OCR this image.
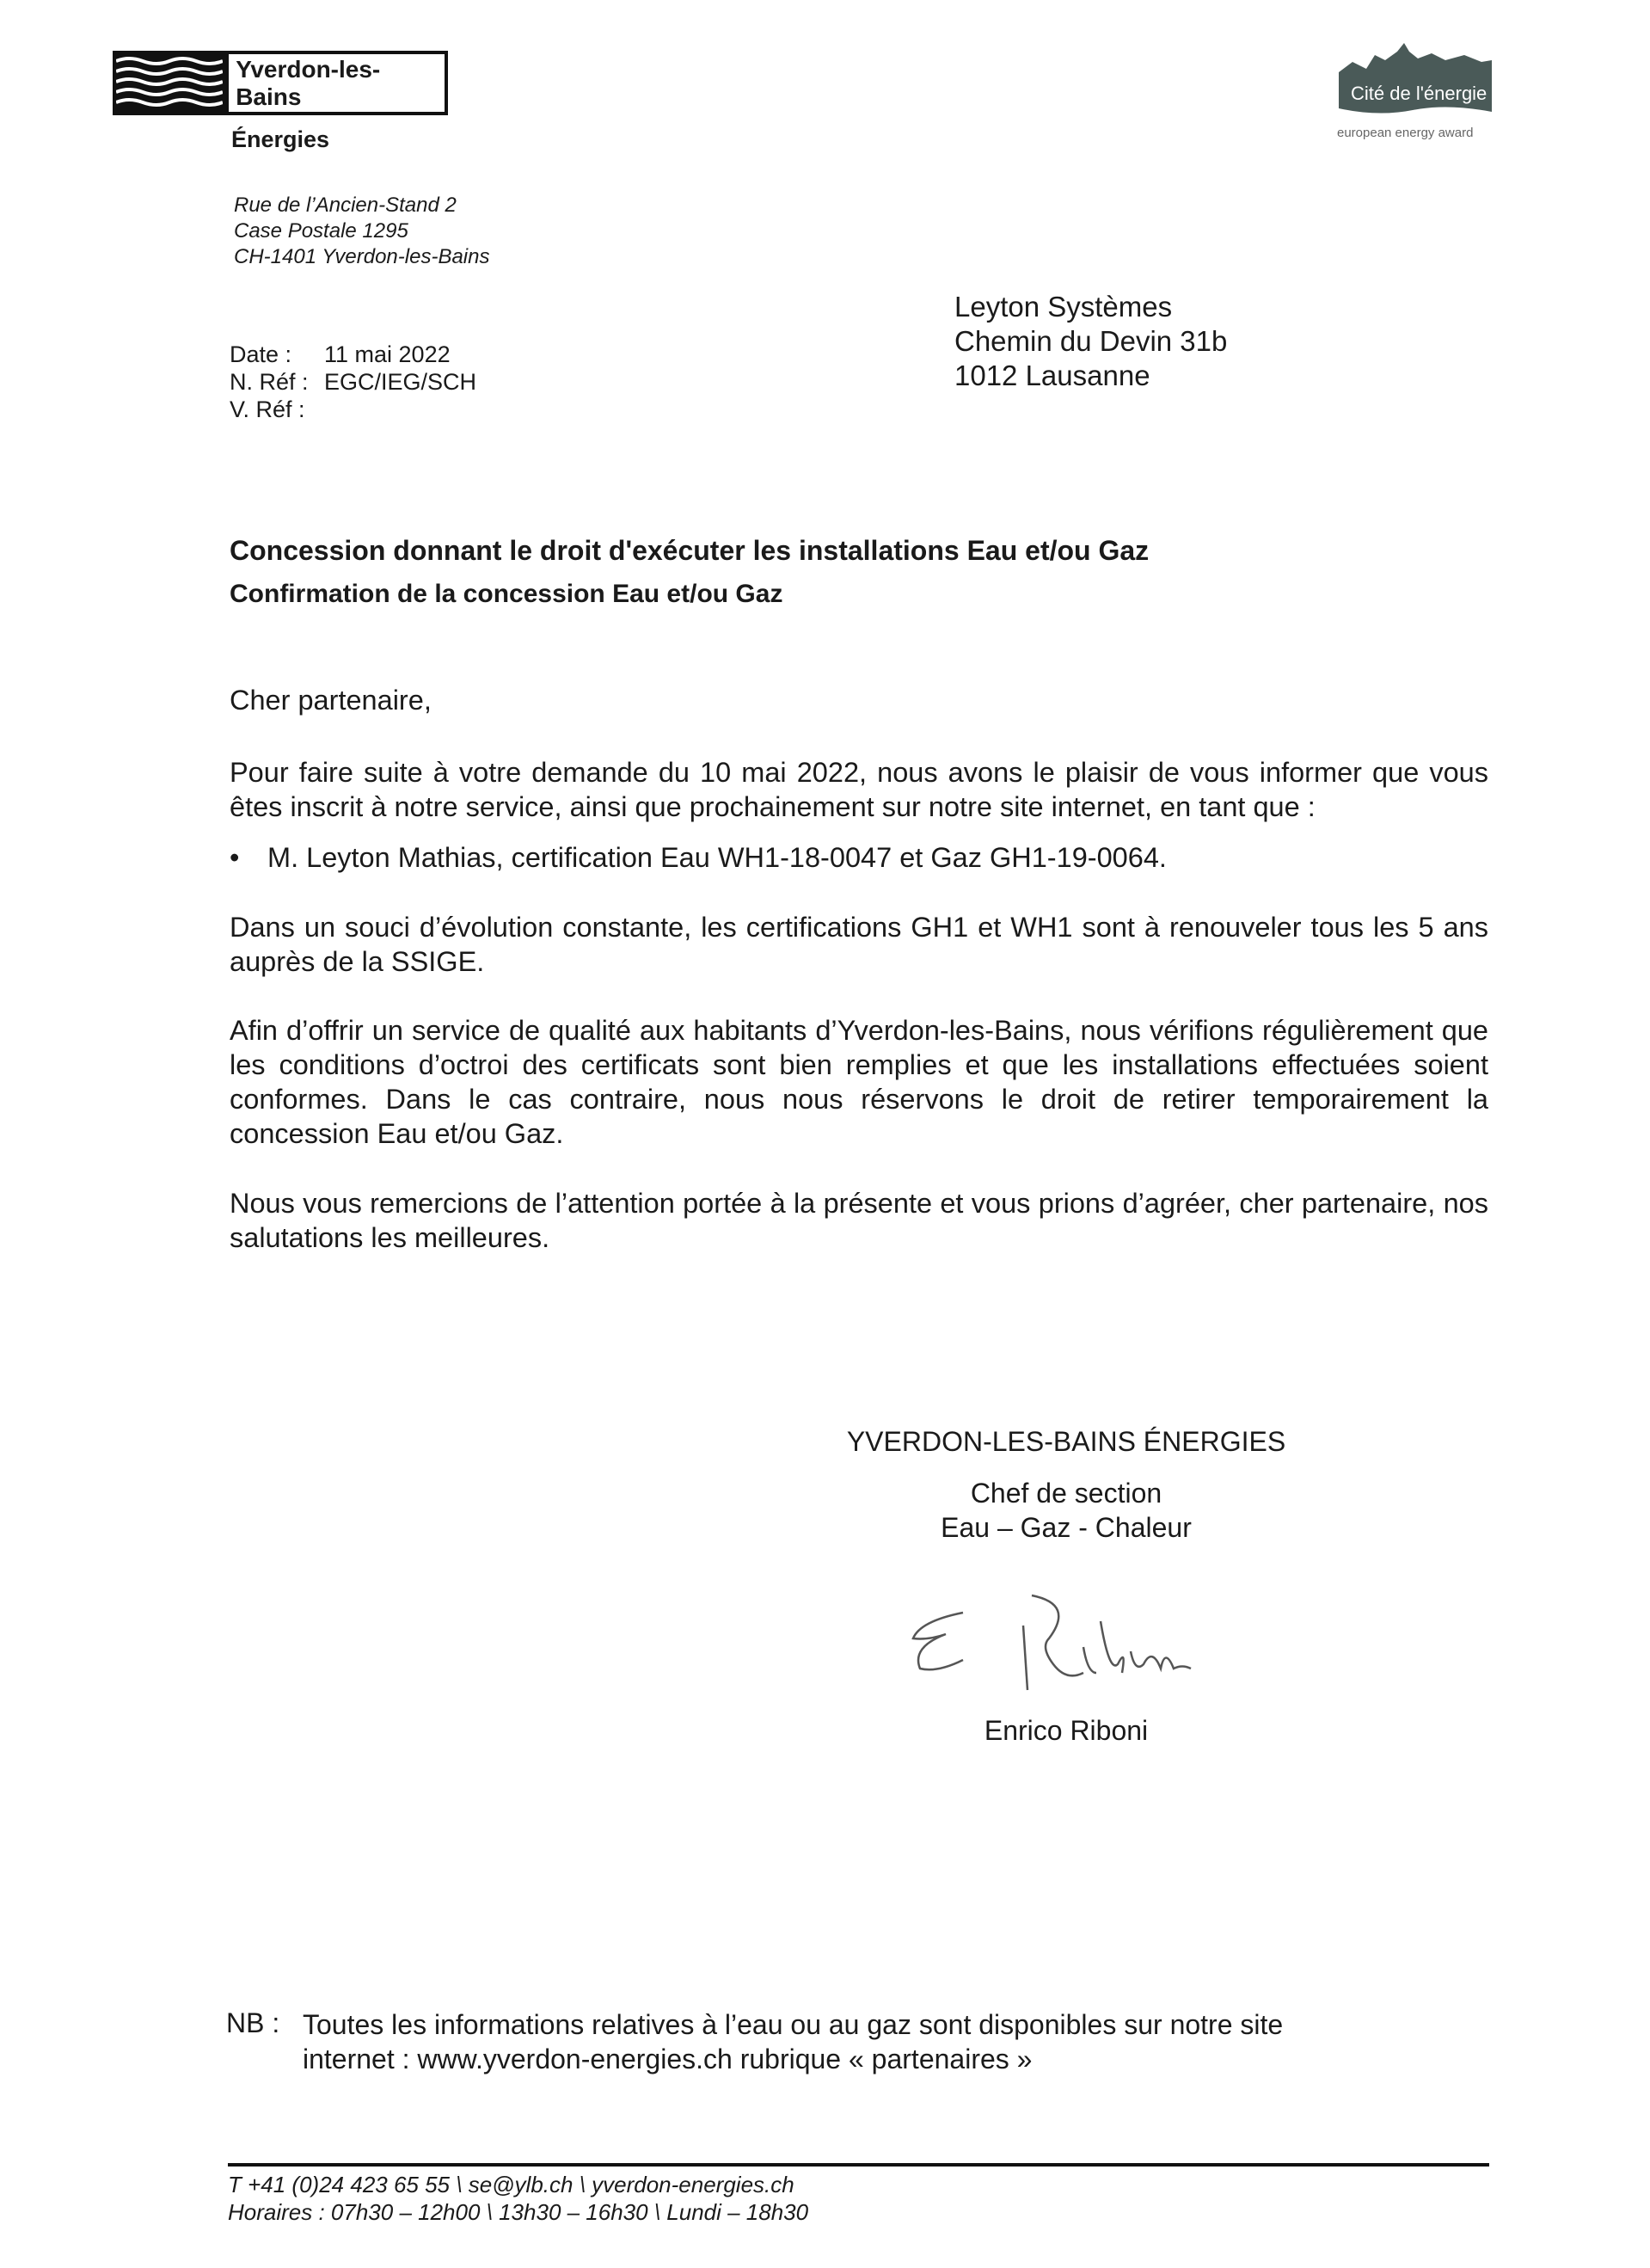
Yverdon-les-Bains
Énergies
Rue de l’Ancien-Stand 2
Case Postale 1295
CH-1401 Yverdon-les-Bains
Cité de l'énergie
european energy award
Leyton Systèmes
Chemin du Devin 31b
1012 Lausanne
Date : 11 mai 2022
N. Réf : EGC/IEG/SCH
V. Réf :
Concession donnant le droit d'exécuter les installations Eau et/ou Gaz
Confirmation de la concession Eau et/ou Gaz
Cher partenaire,
Pour faire suite à votre demande du 10 mai 2022, nous avons le plaisir de vous informer que vous êtes inscrit à notre service, ainsi que prochainement sur notre site internet, en tant que :
• M. Leyton Mathias, certification Eau WH1-18-0047 et Gaz GH1-19-0064.
Dans un souci d’évolution constante, les certifications GH1 et WH1 sont à renouveler tous les 5 ans auprès de la SSIGE.
Afin d’offrir un service de qualité aux habitants d’Yverdon-les-Bains, nous vérifions régulièrement que les conditions d’octroi des certificats sont bien remplies et que les installations effectuées soient conformes. Dans le cas contraire, nous nous réservons le droit de retirer temporairement la concession Eau et/ou Gaz.
Nous vous remercions de l’attention portée à la présente et vous prions d’agréer, cher partenaire, nos salutations les meilleures.
YVERDON-LES-BAINS ÉNERGIES
Chef de section
Eau – Gaz - Chaleur
Enrico Riboni
NB : Toutes les informations relatives à l’eau ou au gaz sont disponibles sur notre site
internet : www.yverdon-energies.ch rubrique « partenaires »
T +41 (0)24 423 65 55 \ se@ylb.ch \ yverdon-energies.ch
Horaires : 07h30 – 12h00 \ 13h30 – 16h30 \ Lundi – 18h30
